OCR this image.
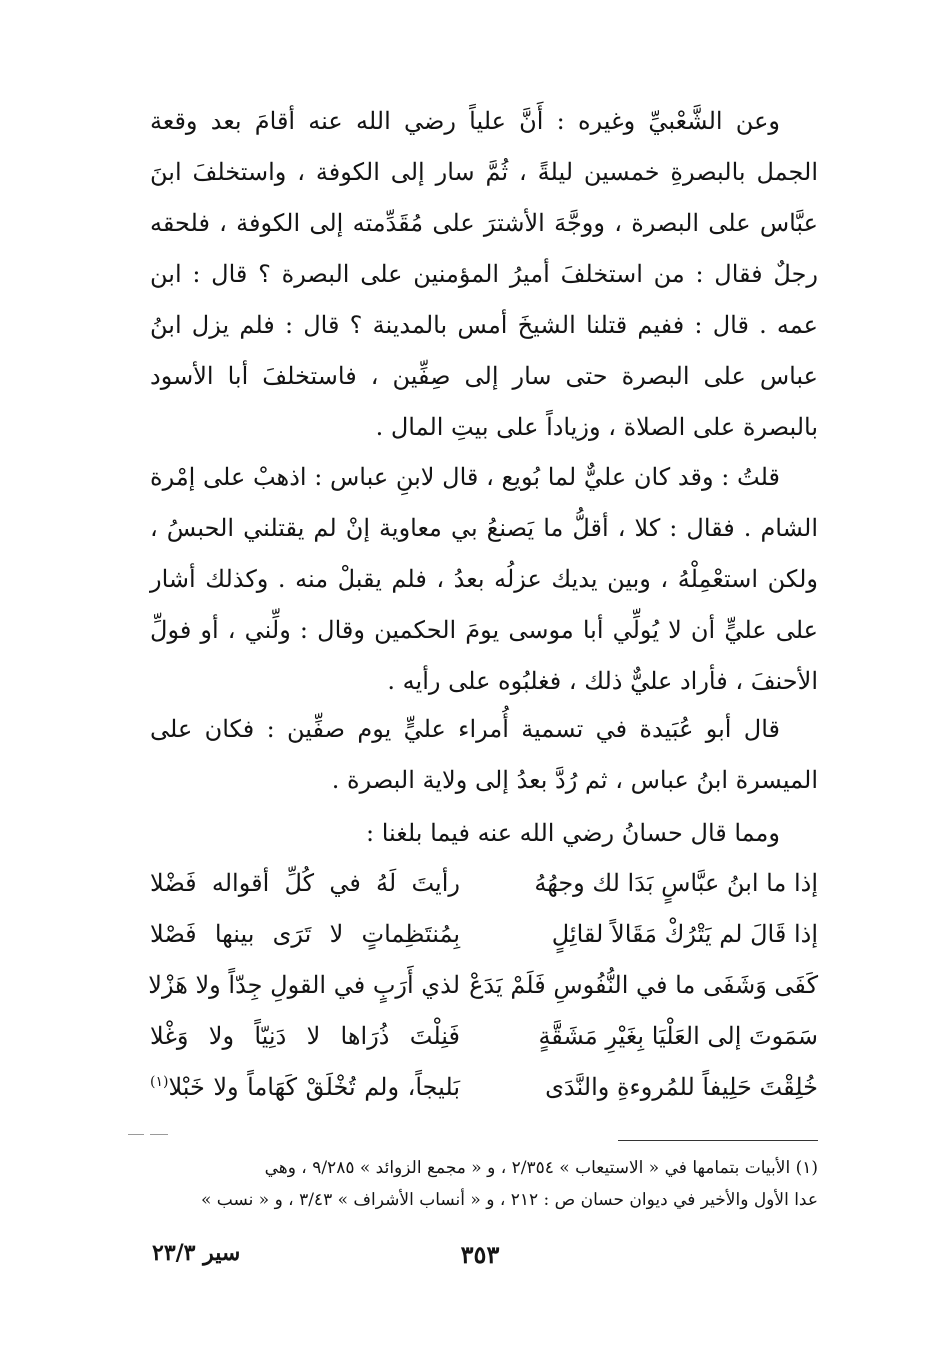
وعن الشَّعْبيِّ وغيره : أَنَّ علياً رضي الله عنه أقامَ بعد وقعة الجمل بالبصرةِ خمسين ليلةً ، ثُمَّ سار إلى الكوفة ، واستخلفَ ابنَ عبَّاس على البصرة ، ووجَّهَ الأشترَ على مُقَدِّمته إلى الكوفة ، فلحقه رجلٌ فقال : من استخلفَ أميرُ المؤمنين على البصرة ؟ قال : ابن عمه . قال : ففيم قتلنا الشيخَ أمس بالمدينة ؟ قال : فلم يزل ابنُ عباس على البصرة حتى سار إلى صِفِّين ، فاستخلفَ أبا الأسود بالبصرة على الصلاة ، وزياداً على بيتِ المال .

قلتُ : وقد كان عليٌّ لما بُويع ، قال لابنِ عباس : اذهبْ على إمْرة الشام . فقال : كلا ، أقلُّ ما يَصنعُ بي معاوية إنْ لم يقتلني الحبسُ ، ولكن استعْمِلْهُ ، وبين يديك عزلُه بعدُ ، فلم يقبلْ منه . وكذلك أشار على عليٍّ أن لا يُولِّي أبا موسى يومَ الحكمين وقال : ولِّني ، أو فولِّ الأحنفَ ، فأراد عليٌّ ذلك ، فغلبُوه على رأيه .

قال أبو عُبَيدة في تسمية أُمراء عليٍّ يوم صفِّين : فكان على الميسرة ابنُ عباس ، ثم رُدَّ بعدُ إلى ولاية البصرة .

ومما قال حسانُ رضي الله عنه فيما بلغنا :

إذا ما ابنُ عبَّاسٍ بَدَا لك وجهُهُ
رأيتَ لَهُ في كُلِّ أقواله فَضْلا
إذا قَالَ لم يَتْرُكْ مَقَالاً لقائِلٍ
بِمُنتَظِماتٍ لا تَرَى بينها فَصْلا
كَفَى وَشَفَى ما في النُّفُوسِ فَلَمْ يَدَعْ
لذي أَرَبٍ في القولِ جِدّاً ولا هَزْلا
سَمَوتَ إلى العَلْيَا بِغَيْرِ مَشَقَّةٍ
فَنِلْتَ ذُرَاها لا دَنِيّاً ولا وَغْلا
خُلِقْتَ حَلِيفاً للمُروءةِ والنَّدَى
بَليجاً، ولم تُخْلَقْ كَهَاماً ولا خَبْلا$^{(١)}$

(١) الأبيات بتمامها في « الاستيعاب » ٢/٣٥٤ ، و « مجمع الزوائد » ٩/٢٨٥ ، وهي

عدا الأول والأخير في ديوان حسان ص : ٢١٢ ، و « أنساب الأشراف » ٣/٤٣ ، و « نسب »

٣٥٣
سير ٢٣/٣
